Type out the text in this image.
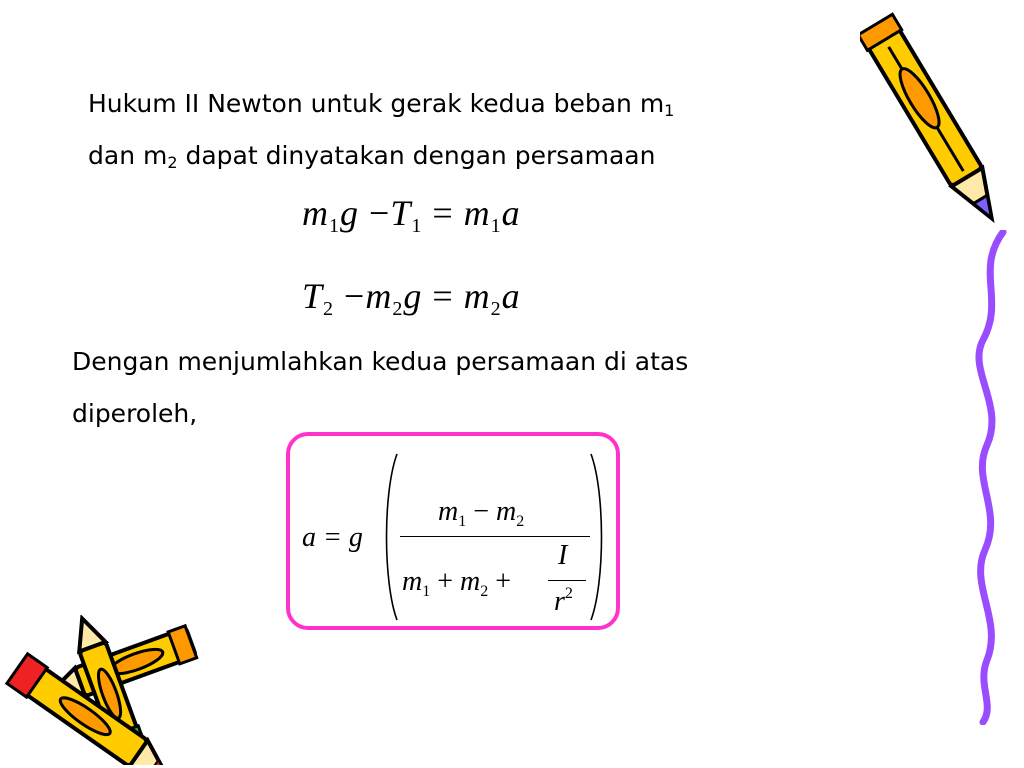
Hukum II Newton untuk gerak kedua beban $m_1$
dan $m_2$ dapat dinyatakan dengan persamaan

$m_1g -T_1 = m_1a$
$T_2 -m_2g = m_2a$

Dengan menjumlahkan kedua persamaan di atas
diperoleh,

a = g
$m_1 - m_2$
$m_1 + m_2$ +
I
$r^2$
